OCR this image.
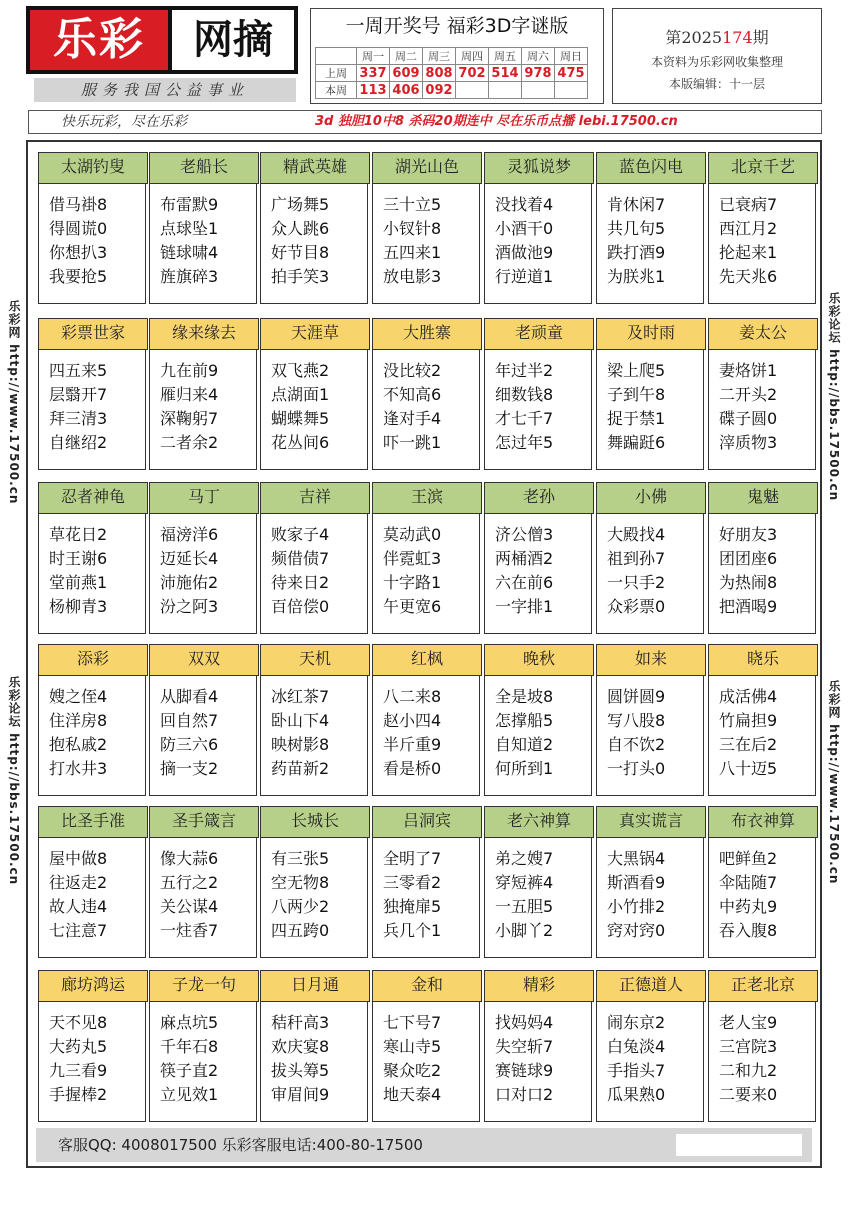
乐彩	网摘
服务我国公益事业
一周开奖号 福彩3D字谜版
	周一	周二	周三	周四	周五	周六	周日
上周	337	609	808	702	514	978	475
本周	113	406	092				
第2025174期
本资料为乐彩网收集整理
本版编辑：十一层
快乐玩彩，尽在乐彩	3d 独胆10中8 杀码20期连中 尽在乐币点播 lebi.17500.cn
乐彩网 http://www.17500.cn
乐彩论坛 http://bbs.17500.cn
乐彩论坛 http://bbs.17500.cn
乐彩网 http://www.17500.cn
太湖钓叟
借马褂8
得圆谎0
你想扒3
我要抢5
老船长
布雷默9
点球坠1
链球啸4
旌旗碎3
精武英雄
广场舞5
众人跳6
好节目8
拍手笑3
湖光山色
三十立5
小钗针8
五四来1
放电影3
灵狐说梦
没找着4
小酒干0
酒做池9
行逆道1
蓝色闪电
肯休闲7
共几句5
跌打酒9
为朕兆1
北京千艺
已衰病7
西江月2
抡起来1
先天兆6
彩票世家
四五来5
层翳开7
拜三清3
自继绍2
缘来缘去
九在前9
雁归来4
深鞠躬7
二者余2
天涯草
双飞燕2
点湖面1
蝴蝶舞5
花丛间6
大胜寨
没比较2
不知高6
逢对手4
吓一跳1
老顽童
年过半2
细数钱8
才七千7
怎过年5
及时雨
梁上爬5
子到午8
捉于禁1
舞蹁跹6
姜太公
妻烙饼1
二开头2
碟子圆0
滓质物3
忍者神龟
草花日2
时王谢6
堂前燕1
杨柳青3
马丁
福滂洋6
迈延长4
沛施佑2
汾之阿3
吉祥
败家子4
频借债7
待来日2
百倍偿0
王滨
莫动武0
伴霓虹3
十字路1
午更宽6
老孙
济公僧3
两桶酒2
六在前6
一字排1
小佛
大殿找4
祖到孙7
一只手2
众彩票0
鬼魅
好朋友3
团团座6
为热闹8
把酒喝9
添彩
嫂之侄4
住洋房8
抱私戚2
打水井3
双双
从脚看4
回自然7
防三六6
摘一支2
天机
冰红茶7
卧山下4
映树影8
药苗新2
红枫
八二来8
赵小四4
半斤重9
看是桥0
晚秋
全是坡8
怎撑船5
自知道2
何所到1
如来
圆饼圆9
写八股8
自不饮2
一打头0
晓乐
成活佛4
竹扁担9
三在后2
八十迈5
比圣手准
屋中做8
往返走2
故人违4
七注意7
圣手箴言
像大蒜6
五行之2
关公谋4
一炷香7
长城长
有三张5
空无物8
八两少2
四五跨0
吕洞宾
全明了7
三零看2
独掩扉5
兵几个1
老六神算
弟之嫂7
穿短裤4
一五胆5
小脚丫2
真实谎言
大黑锅4
斯酒看9
小竹排2
窍对窍0
布衣神算
吧鲜鱼2
伞陆随7
中药丸9
吞入腹8
廊坊鸿运
天不见8
大药丸5
九三看9
手握棒2
子龙一句
麻点坑5
千年石8
筷子直2
立见效1
日月通
秸秆高3
欢庆宴8
拔头筹5
审眉间9
金和
七下号7
寒山寺5
聚众吃2
地天泰4
精彩
找妈妈4
失空斩7
赛链球9
口对口2
正德道人
闹东京2
白兔淡4
手指头7
瓜果熟0
正老北京
老人宝9
三宫院3
二和九2
二要来0
客服QQ: 4008017500 乐彩客服电话:400-80-17500
